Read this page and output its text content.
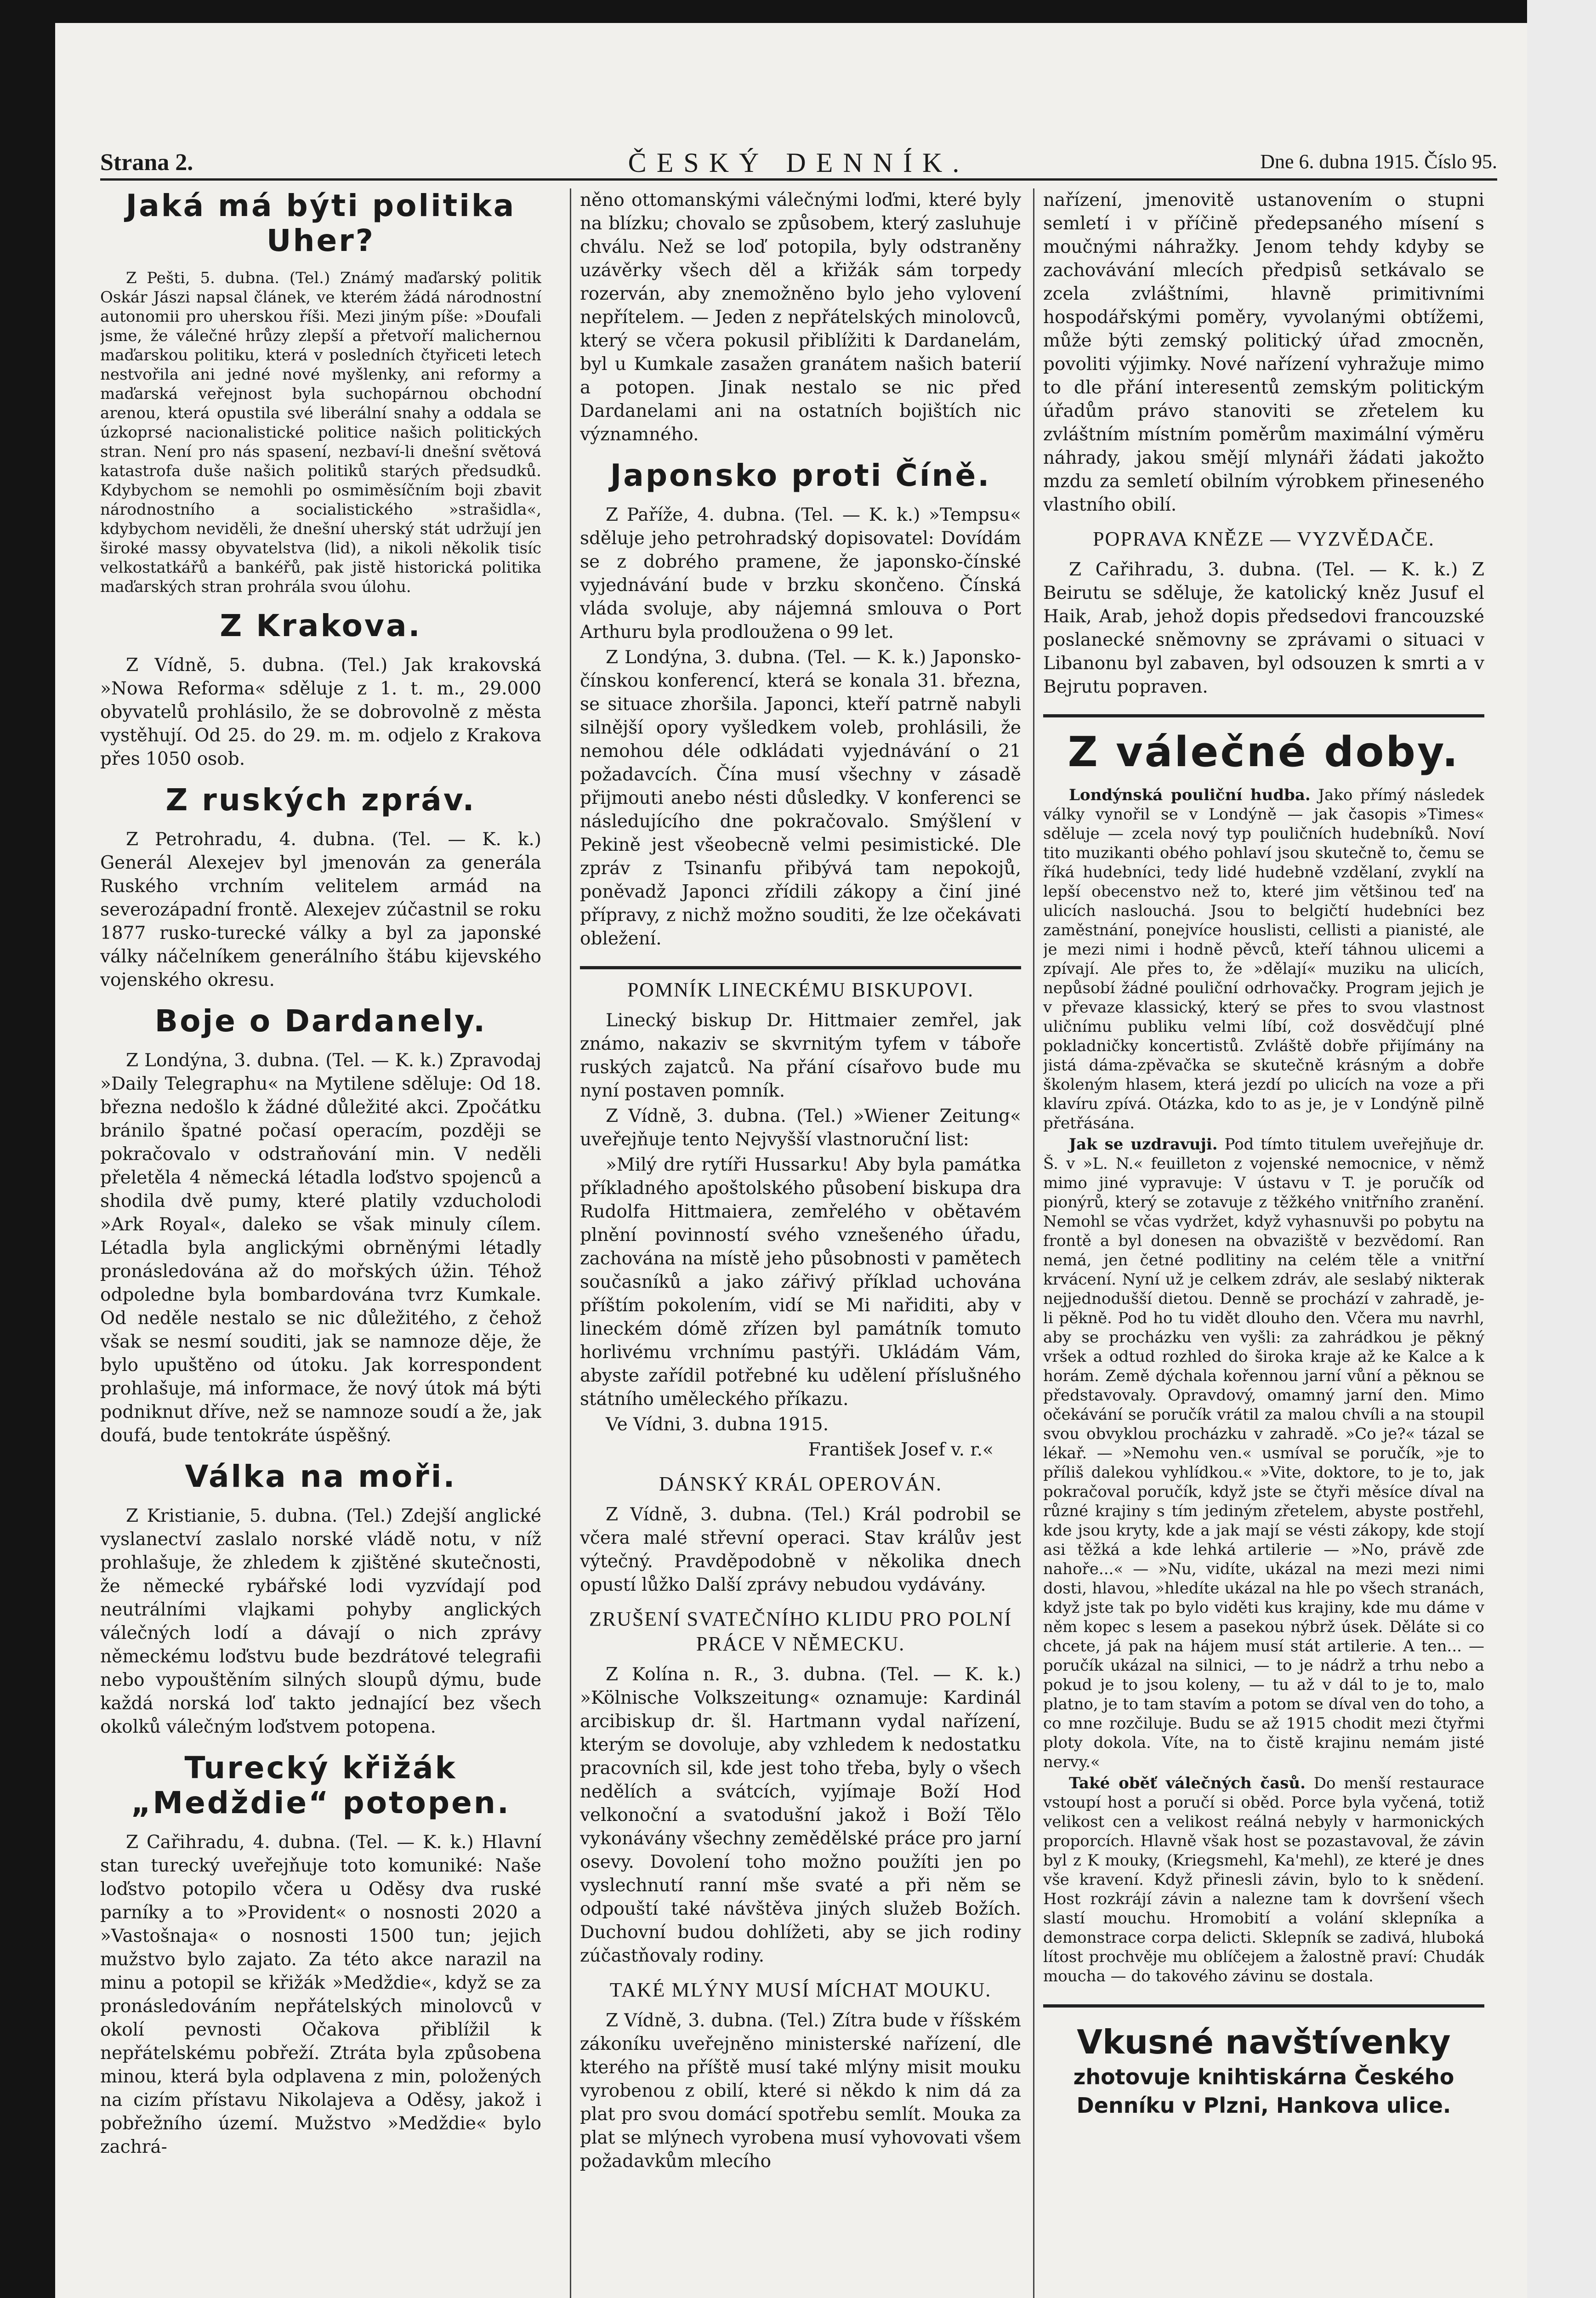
Strana 2.	ČESKÝ DENNÍK.	Dne 6. dubna 1915. Číslo 95.
Jaká má býti politika Uher?

Z Pešti, 5. dubna. (Tel.) Známý maďarský politik Oskár Jászi napsal článek, ve kterém žádá národnostní autonomii pro uherskou říši. Mezi jiným píše: »Doufali jsme, že válečné hrůzy zlepší a přetvoří malichernou maďarskou politiku, která v posledních čtyřiceti letech nestvořila ani jedné nové myšlenky, ani reformy a maďarská veřejnost byla suchopárnou obchodní arenou, která opustila své liberální snahy a oddala se úzkoprsé nacionalistické politice našich politických stran. Není pro nás spasení, nezbaví-li dnešní světová katastrofa duše našich politiků starých předsudků. Kdybychom se nemohli po osmiměsíčním boji zbavit národnostního a socialistického »strašidla«, kdybychom neviděli, že dnešní uherský stát udržují jen široké massy obyvatelstva (lid), a nikoli několik tisíc velkostatkářů a bankéřů, pak jistě historická politika maďarských stran prohrála svou úlohu.

Z Krakova.

Z Vídně, 5. dubna. (Tel.) Jak krakovská »Nowa Reforma« sděluje z 1. t. m., 29.000 obyvatelů prohlásilo, že se dobrovolně z města vystěhují. Od 25. do 29. m. m. odjelo z Krakova přes 1050 osob.

Z ruských zpráv.

Z Petrohradu, 4. dubna. (Tel. — K. k.) Generál Alexejev byl jmenován za generála Ruského vrchním velitelem armád na severozápadní frontě. Alexejev zúčastnil se roku 1877 rusko-turecké války a byl za japonské války náčelníkem generálního štábu kijevského vojenského okresu.

Boje o Dardanely.

Z Londýna, 3. dubna. (Tel. — K. k.) Zpravodaj »Daily Telegraphu« na Mytilene sděluje: Od 18. března nedošlo k žádné důležité akci. Zpočátku bránilo špatné počasí operacím, později se pokračovalo v odstraňování min. V neděli přeletěla 4 německá létadla loďstvo spojenců a shodila dvě pumy, které platily vzducholodi »Ark Royal«, daleko se však minuly cílem. Létadla byla anglickými obrněnými létadly pronásledována až do mořských úžin. Téhož odpoledne byla bombardována tvrz Kumkale. Od neděle nestalo se nic důležitého, z čehož však se nesmí souditi, jak se namnoze děje, že bylo upuštěno od útoku. Jak korrespondent prohlašuje, má informace, že nový útok má býti podniknut dříve, než se namnoze soudí a že, jak doufá, bude tentokráte úspěšný.

Válka na moři.

Z Kristianie, 5. dubna. (Tel.) Zdejší anglické vyslanectví zaslalo norské vládě notu, v níž prohlašuje, že zhledem k zjištěné skutečnosti, že německé rybářské lodi vyzvídají pod neutrálními vlajkami pohyby anglických válečných lodí a dávají o nich zprávy německému loďstvu bude bezdrátové telegrafii nebo vypouštěním silných sloupů dýmu, bude každá norská loď takto jednající bez všech okolků válečným loďstvem potopena.

Turecký křižák „Medždie“ potopen.

Z Cařihradu, 4. dubna. (Tel. — K. k.) Hlavní stan turecký uveřejňuje toto komuniké: Naše loďstvo potopilo včera u Oděsy dva ruské parníky a to »Provident« o nosnosti 2020 a »Vastošnaja« o nosnosti 1500 tun; jejich mužstvo bylo zajato. Za této akce narazil na minu a potopil se křižák »Medždie«, když se za pronásledováním nepřátelských minolovců v okolí pevnosti Očakova přiblížil k nepřátelskému pobřeží. Ztráta byla způsobena minou, která byla odplavena z min, položených na cizím přístavu Nikolajeva a Oděsy, jakož i pobřežního území. Mužstvo »Medždie« bylo zachrá-

něno ottomanskými válečnými loďmi, které byly na blízku; chovalo se způsobem, který zasluhuje chválu. Než se loď potopila, byly odstraněny uzávěrky všech děl a křižák sám torpedy rozerván, aby znemožněno bylo jeho vylovení nepřítelem. — Jeden z nepřátelských minolovců, který se včera pokusil přiblížiti k Dardanelám, byl u Kumkale zasažen granátem našich baterií a potopen. Jinak nestalo se nic před Dardanelami ani na ostatních bojištích nic významného.

Japonsko proti Číně.

Z Paříže, 4. dubna. (Tel. — K. k.) »Tempsu« sděluje jeho petrohradský dopisovatel: Dovídám se z dobrého pramene, že japonsko-čínské vyjednávání bude v brzku skončeno. Čínská vláda svoluje, aby nájemná smlouva o Port Arthuru byla prodloužena o 99 let.

Z Londýna, 3. dubna. (Tel. — K. k.) Japonsko-čínskou konferencí, která se konala 31. března, se situace zhoršila. Japonci, kteří patrně nabyli silnější opory vyšledkem voleb, prohlásili, že nemohou déle odkládati vyjednávání o 21 požadavcích. Čína musí všechny v zásadě přijmouti anebo nésti důsledky. V konferenci se následujícího dne pokračovalo. Smýšlení v Pekině jest všeobecně velmi pesimistické. Dle zpráv z Tsinanfu přibývá tam nepokojů, poněvadž Japonci zřídili zákopy a činí jiné přípravy, z nichž možno souditi, že lze očekávati obležení.

POMNÍK LINECKÉMU BISKUPOVI.

Linecký biskup Dr. Hittmaier zemřel, jak známo, nakaziv se skvrnitým tyfem v táboře ruských zajatců. Na přání císařovo bude mu nyní postaven pomník.

Z Vídně, 3. dubna. (Tel.) »Wiener Zeitung« uveřejňuje tento Nejvyšší vlastnoruční list:

»Milý dre rytíři Hussarku! Aby byla památka příkladného apoštolského působení biskupa dra Rudolfa Hittmaiera, zemřelého v obětavém plnění povinností svého vznešeného úřadu, zachována na místě jeho působnosti v pamětech současníků a jako zářivý příklad uchována příštím pokolením, vidí se Mi nařiditi, aby v lineckém dómě zřízen byl památník tomuto horlivému vrchnímu pastýři. Ukládám Vám, abyste zařídil potřebné ku udělení příslušného státního uměleckého příkazu.

Ve Vídni, 3. dubna 1915.

František Josef v. r.«
DÁNSKÝ KRÁL OPEROVÁN.

Z Vídně, 3. dubna. (Tel.) Král podrobil se včera malé střevní operaci. Stav králův jest výtečný. Pravděpodobně v několika dnech opustí lůžko Další zprávy nebudou vydávány.

ZRUŠENÍ SVATEČNÍHO KLIDU PRO POLNÍ PRÁCE V NĚMECKU.

Z Kolína n. R., 3. dubna. (Tel. — K. k.) »Kölnische Volkszeitung« oznamuje: Kardinál arcibiskup dr. šl. Hartmann vydal nařízení, kterým se dovoluje, aby vzhledem k nedostatku pracovních sil, kde jest toho třeba, byly o všech nedělích a svátcích, vyjímaje Boží Hod velkonoční a svatodušní jakož i Boží Tělo vykonávány všechny zemědělské práce pro jarní osevy. Dovolení toho možno použíti jen po vyslechnutí ranní mše svaté a při něm se odpouští také návštěva jiných služeb Božích. Duchovní budou dohlížeti, aby se jich rodiny zúčastňovaly rodiny.

TAKÉ MLÝNY MUSÍ MÍCHAT MOUKU.

Z Vídně, 3. dubna. (Tel.) Zítra bude v říšském zákoníku uveřejněno ministerské nařízení, dle kterého na příště musí také mlýny misit mouku vyrobenou z obilí, které si někdo k nim dá za plat pro svou domácí spotřebu semlít. Mouka za plat se mlýnech vyrobena musí vyhovovati všem požadavkům mlecího

nařízení, jmenovitě ustanovením o stupni semletí i v příčině předepsaného mísení s moučnými náhražky. Jenom tehdy kdyby se zachovávání mlecích předpisů setkávalo se zcela zvláštními, hlavně primitivními hospodářskými poměry, vyvolanými obtížemi, může býti zemský politický úřad zmocněn, povoliti výjimky. Nové nařízení vyhražuje mimo to dle přání interesentů zemským politickým úřadům právo stanoviti se zřetelem ku zvláštním místním poměrům maximální výměru náhrady, jakou smějí mlynáři žádati jakožto mzdu za semletí obilním výrobkem přineseného vlastního obilí.

POPRAVA KNĚZE — VYZVĚDAČE.

Z Cařihradu, 3. dubna. (Tel. — K. k.) Z Beirutu se sděluje, že katolický kněz Jusuf el Haik, Arab, jehož dopis předsedovi francouzské poslanecké sněmovny se zprávami o situaci v Libanonu byl zabaven, byl odsouzen k smrti a v Bejrutu popraven.

Z válečné doby.

Londýnská pouliční hudba. Jako přímý následek války vynořil se v Londýně — jak časopis »Times« sděluje — zcela nový typ pouličních hudebníků. Noví tito muzikanti obého pohlaví jsou skutečně to, čemu se říká hudebníci, tedy lidé hudebně vzdělaní, zvyklí na lepší obecenstvo než to, které jim většinou teď na ulicích naslouchá. Jsou to belgičtí hudebníci bez zaměstnání, ponejvíce houslisti, cellisti a pianisté, ale je mezi nimi i hodně pěvců, kteří táhnou ulicemi a zpívají. Ale přes to, že »dělají« muziku na ulicích, nepůsobí žádné pouliční odrhovačky. Program jejich je v převaze klassický, který se přes to svou vlastnost uličnímu publiku velmi líbí, což dosvědčují plné pokladničky koncertistů. Zvláště dobře přijímány na jistá dáma-zpěvačka se skutečně krásným a dobře školeným hlasem, která jezdí po ulicích na voze a při klavíru zpívá. Otázka, kdo to as je, je v Londýně pilně přetřásána.

Jak se uzdravuji. Pod tímto titulem uveřejňuje dr. Š. v »L. N.« feuilleton z vojenské nemocnice, v němž mimo jiné vypravuje: V ústavu v T. je poručík od pionýrů, který se zotavuje z těžkého vnitřního zranění. Nemohl se včas vydržet, když vyhasnuvši po pobytu na frontě a byl donesen na obvaziště v bezvědomí. Ran nemá, jen četné podlitiny na celém těle a vnitřní krvácení. Nyní už je celkem zdráv, ale seslabý nikterak nejjednodušší dietou. Denně se prochází v zahradě, je-li pěkně. Pod ho tu vidět dlouho den. Včera mu navrhl, aby se procházku ven vyšli: za zahrádkou je pěkný vršek a odtud rozhled do široka kraje až ke Kalce a k horám. Země dýchala kořennou jarní vůní a pěknou se představovaly. Opravdový, omamný jarní den. Mimo očekávání se poručík vrátil za malou chvíli a na stoupil svou obvyklou procházku v zahradě. »Co je?« tázal se lékař. — »Nemohu ven.« usmíval se poručík, »je to příliš dalekou vyhlídkou.« »Vite, doktore, to je to, jak pokračoval poručík, když jste se čtyři měsíce díval na různé krajiny s tím jediným zřetelem, abyste postřehl, kde jsou kryty, kde a jak mají se vésti zákopy, kde stojí asi těžká a kde lehká artilerie — »No, právě zde nahoře...« — »Nu, vidíte, ukázal na mezi mezi nimi dosti, hlavou, »hledíte ukázal na hle po všech stranách, když jste tak po bylo viděti kus krajiny, kde mu dáme v něm kopec s lesem a pasekou nýbrž úsek. Děláte si co chcete, já pak na hájem musí stát artilerie. A ten... — poručík ukázal na silnici, — to je nádrž a trhu nebo a pokud je to jsou koleny, — tu až v dál to je to, malo platno, je to tam stavím a potom se díval ven do toho, a co mne rozčiluje. Budu se až 1915 chodit mezi čtyřmi ploty dokola. Víte, na to čistě krajinu nemám jisté nervy.«

Také oběť válečných časů. Do menší restaurace vstoupí host a poručí si oběd. Porce byla vyčená, totiž velikost cen a velikost reálná nebyly v harmonických proporcích. Hlavně však host se pozastavoval, že závin byl z K mouky, (Kriegsmehl, Ka'mehl), ze které je dnes vše kravení. Když přinesli závin, bylo to k snědení. Host rozkrájí závin a nalezne tam k dovršení všech slastí mouchu. Hromobití a volání sklepníka a demonstrace corpa delicti. Sklepník se zadivá, hluboká lítost prochvěje mu oblíčejem a žalostně praví: Chudák moucha — do takového závinu se dostala.

Vkusné navštívenky
zhotovuje knihtiskárna Českého Denníku v Plzni, Hankova ulice.
